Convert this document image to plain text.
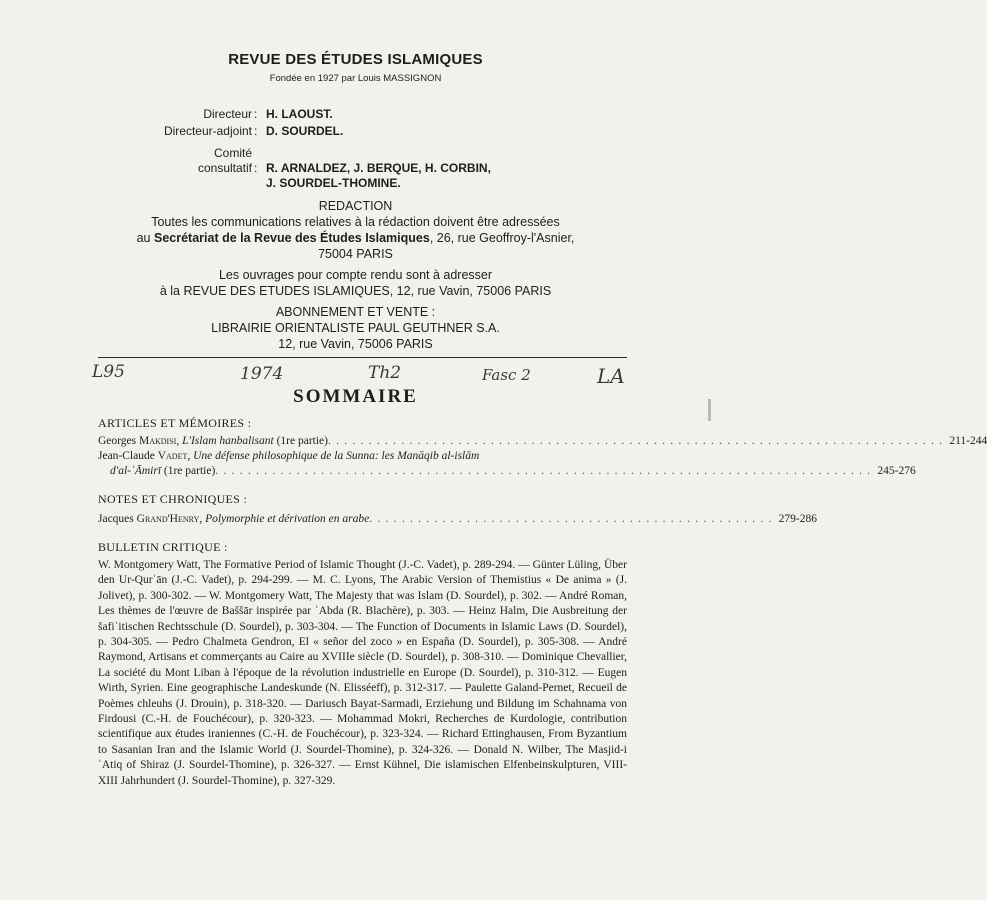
REVUE DES ÉTUDES ISLAMIQUES
Fondée en 1927 par Louis MASSIGNON
Directeur : H. LAOUST.
Directeur-adjoint : D. SOURDEL.
Comité
consultatif : R. ARNALDEZ, J. BERQUE, H. CORBIN,
J. SOURDEL-THOMINE.
REDACTION
Toutes les communications relatives à la rédaction doivent être adressées
au Secrétariat de la Revue des Études Islamiques, 26, rue Geoffroy-l'Asnier,
75004 PARIS
Les ouvrages pour compte rendu sont à adresser
à la REVUE DES ETUDES ISLAMIQUES, 12, rue Vavin, 75006 PARIS
ABONNEMENT ET VENTE :
LIBRAIRIE ORIENTALISTE PAUL GEUTHNER S.A.
12, rue Vavin, 75006 PARIS
L95	1974	Th2	Fasc 2	LA
SOMMAIRE
ARTICLES ET MÉMOIRES :
Georges Makdisi, L'Islam hanbalisant (1re partie) . . . . . . . . . . . . . . . . . . . . . . . . . . . . . . . . . . . . . . . . . . . . . . . . . . . . . . . . . . . . . . . . . . . . . . . . . . . . 211-244
Jean-Claude Vadet, Une défense philosophique de la Sunna: les Manāqib al-islām
d'al-ʿĀmirī (1re partie) . . . . . . . . . . . . . . . . . . . . . . . . . . . . . . . . . . . . . . . . . . . . . . . . . . . . . . . . . . . . . . . . . . . . . . . . . . . . . . . . . 245-276
NOTES ET CHRONIQUES :
Jacques Grand'Henry, Polymorphie et dérivation en arabe . . . . . . . . . . . . . . . . . . . . . . . . . . . . . . . . . . . . . . . . . . . . . . . . . . 279-286
BULLETIN CRITIQUE :

W. Montgomery Watt, The Formative Period of Islamic Thought (J.-C. Vadet), p. 289-294. — Günter Lüling, Über den Ur-Qurʾān (J.-C. Vadet), p. 294-299. — M. C. Lyons, The Arabic Version of Themistius « De anima » (J. Jolivet), p. 300-302. — W. Montgomery Watt, The Majesty that was Islam (D. Sourdel), p. 302. — André Roman, Les thèmes de l'œuvre de Baššār inspirée par ʿAbda (R. Blachère), p. 303. — Heinz Halm, Die Ausbreitung der šafiʿitischen Rechtsschule (D. Sourdel), p. 303-304. — The Function of Documents in Islamic Laws (D. Sourdel), p. 304-305. — Pedro Chalmeta Gendron, El « señor del zoco » en España (D. Sourdel), p. 305-308. — André Raymond, Artisans et commerçants au Caire au XVIIIe siècle (D. Sourdel), p. 308-310. — Dominique Chevallier, La société du Mont Liban à l'époque de la révolution industrielle en Europe (D. Sourdel), p. 310-312. — Eugen Wirth, Syrien. Eine geographische Landeskunde (N. Elisséeff), p. 312-317. — Paulette Galand-Pernet, Recueil de Poèmes chleuhs (J. Drouin), p. 318-320. — Dariusch Bayat-Sarmadi, Erziehung und Bildung im Schahnama von Firdousi (C.-H. de Fouchécour), p. 320-323. — Mohammad Mokri, Recherches de Kurdologie, contribution scientifique aux études iraniennes (C.-H. de Fouchécour), p. 323-324. — Richard Ettinghausen, From Byzantium to Sasanian Iran and the Islamic World (J. Sourdel-Thomine), p. 324-326. — Donald N. Wilber, The Masjid-i ʿAtiq of Shiraz (J. Sourdel-Thomine), p. 326-327. — Ernst Kühnel, Die islamischen Elfenbeinskulpturen, VIII-XIII Jahrhundert (J. Sourdel-Thomine), p. 327-329.
